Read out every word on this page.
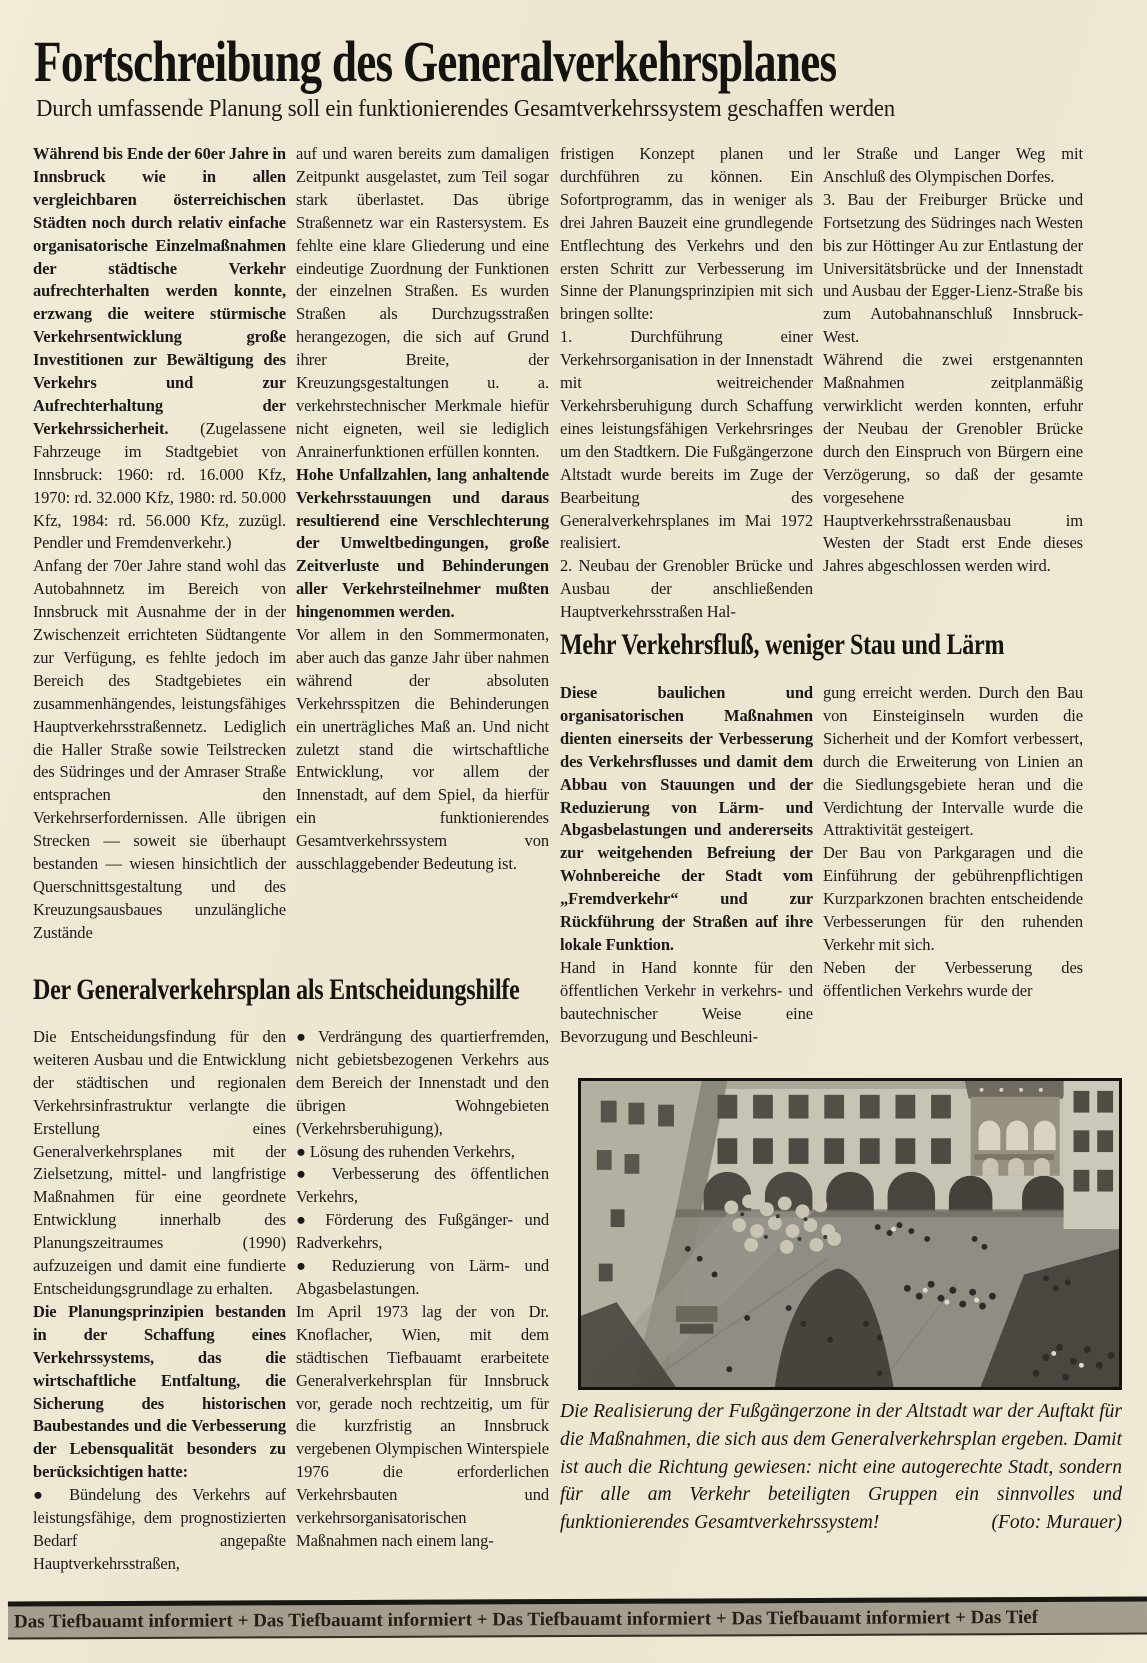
Fortschreibung des Generalverkehrsplanes
Durch umfassende Planung soll ein funktionierendes Gesamtverkehrssystem geschaffen werden

Während bis Ende der 60er Jahre in Innsbruck wie in allen vergleichbaren österreichischen Städten noch durch relativ einfache organisatorische Einzelmaßnahmen der städtische Verkehr aufrechterhalten werden konnte, erzwang die weitere stürmische Verkehrsentwicklung große Investitionen zur Bewältigung des Verkehrs und zur Aufrechterhaltung der Verkehrssicherheit. (Zugelassene Fahrzeuge im Stadtgebiet von Innsbruck: 1960: rd. 16.000 Kfz, 1970: rd. 32.000 Kfz, 1980: rd. 50.000 Kfz, 1984: rd. 56.000 Kfz, zuzügl. Pendler und Fremdenverkehr.)

Anfang der 70er Jahre stand wohl das Autobahnnetz im Bereich von Innsbruck mit Ausnahme der in der Zwischenzeit errichteten Südtangente zur Verfügung, es fehlte jedoch im Bereich des Stadtgebietes ein zusammenhängendes, leistungsfähiges Hauptverkehrsstraßennetz. Lediglich die Haller Straße sowie Teilstrecken des Südringes und der Amraser Straße entsprachen den Verkehrserfordernissen. Alle übrigen Strecken — soweit sie überhaupt bestanden — wiesen hinsichtlich der Querschnittsgestaltung und des Kreuzungsausbaues unzulängliche Zustände

auf und waren bereits zum damaligen Zeitpunkt ausgelastet, zum Teil sogar stark überlastet. Das übrige Straßennetz war ein Rastersystem. Es fehlte eine klare Gliederung und eine eindeutige Zuordnung der Funktionen der einzelnen Straßen. Es wurden Straßen als Durchzugsstraßen herangezogen, die sich auf Grund ihrer Breite, der Kreuzungsgestaltungen u. a. verkehrstechnischer Merkmale hiefür nicht eigneten, weil sie lediglich Anrainerfunktionen erfüllen konnten.

Hohe Unfallzahlen, lang anhaltende Verkehrsstauungen und daraus resultierend eine Verschlechterung der Umweltbedingungen, große Zeitverluste und Behinderungen aller Verkehrsteilnehmer mußten hingenommen werden.

Vor allem in den Sommermonaten, aber auch das ganze Jahr über nahmen während der absoluten Verkehrsspitzen die Behinderungen ein unerträgliches Maß an. Und nicht zuletzt stand die wirtschaftliche Entwicklung, vor allem der Innenstadt, auf dem Spiel, da hierfür ein funktionierendes Gesamtverkehrssystem von ausschlaggebender Bedeutung ist.

fristigen Konzept planen und durchführen zu können. Ein Sofortprogramm, das in weniger als drei Jahren Bauzeit eine grundlegende Entflechtung des Verkehrs und den ersten Schritt zur Verbesserung im Sinne der Planungsprinzipien mit sich bringen sollte:

1. Durchführung einer Verkehrsorganisation in der Innenstadt mit weitreichender Verkehrsberuhigung durch Schaffung eines leistungsfähigen Verkehrsringes um den Stadtkern. Die Fußgängerzone Altstadt wurde bereits im Zuge der Bearbeitung des Generalverkehrsplanes im Mai 1972 realisiert.

2. Neubau der Grenobler Brücke und Ausbau der anschließenden Hauptverkehrsstraßen Hal-

ler Straße und Langer Weg mit Anschluß des Olympischen Dorfes.

3. Bau der Freiburger Brücke und Fortsetzung des Südringes nach Westen bis zur Höttinger Au zur Entlastung der Universitätsbrücke und der Innenstadt und Ausbau der Egger-Lienz-Straße bis zum Autobahnanschluß Innsbruck-West.

Während die zwei erstgenannten Maßnahmen zeitplanmäßig verwirklicht werden konnten, erfuhr der Neubau der Grenobler Brücke durch den Einspruch von Bürgern eine Verzögerung, so daß der gesamte vorgesehene Hauptverkehrsstraßenausbau im Westen der Stadt erst Ende dieses Jahres abgeschlossen werden wird.

Mehr Verkehrsfluß, weniger Stau und Lärm

Diese baulichen und organisatorischen Maßnahmen dienten einerseits der Verbesserung des Verkehrsflusses und damit dem Abbau von Stauungen und der Reduzierung von Lärm- und Abgasbelastungen und andererseits zur weitgehenden Befreiung der Wohnbereiche der Stadt vom „Fremdverkehr“ und zur Rückführung der Straßen auf ihre lokale Funktion.

Hand in Hand konnte für den öffentlichen Verkehr in verkehrs- und bautechnischer Weise eine Bevorzugung und Beschleuni-

gung erreicht werden. Durch den Bau von Einsteiginseln wurden die Sicherheit und der Komfort verbessert, durch die Erweiterung von Linien an die Siedlungsgebiete heran und die Verdichtung der Intervalle wurde die Attraktivität gesteigert.

Der Bau von Parkgaragen und die Einführung der gebührenpflichtigen Kurzparkzonen brachten entscheidende Verbesserungen für den ruhenden Verkehr mit sich.

Neben der Verbesserung des öffentlichen Verkehrs wurde der

Der Generalverkehrsplan als Entscheidungshilfe

Die Entscheidungsfindung für den weiteren Ausbau und die Entwicklung der städtischen und regionalen Verkehrsinfrastruktur verlangte die Erstellung eines Generalverkehrsplanes mit der Zielsetzung, mittel- und langfristige Maßnahmen für eine geordnete Entwicklung innerhalb des Planungszeitraumes (1990) aufzuzeigen und damit eine fundierte Entscheidungsgrundlage zu erhalten.

Die Planungsprinzipien bestanden in der Schaffung eines Verkehrssystems, das die wirtschaftliche Entfaltung, die Sicherung des historischen Baubestandes und die Verbesserung der Lebensqualität besonders zu berücksichtigen hatte:

● Bündelung des Verkehrs auf leistungsfähige, dem prognostizierten Bedarf angepaßte Hauptverkehrsstraßen,

● Verdrängung des quartierfremden, nicht gebietsbezogenen Verkehrs aus dem Bereich der Innenstadt und den übrigen Wohngebieten (Verkehrsberuhigung),

● Lösung des ruhenden Verkehrs,

● Verbesserung des öffentlichen Verkehrs,

● Förderung des Fußgänger- und Radverkehrs,

● Reduzierung von Lärm- und Abgasbelastungen.

Im April 1973 lag der von Dr. Knoflacher, Wien, mit dem städtischen Tiefbauamt erarbeitete Generalverkehrsplan für Innsbruck vor, gerade noch rechtzeitig, um für die kurzfristig an Innsbruck vergebenen Olympischen Winterspiele 1976 die erforderlichen Verkehrsbauten und verkehrsorganisatorischen Maßnahmen nach einem lang-

Die Realisierung der Fußgängerzone in der Altstadt war der Auftakt für die Maßnahmen, die sich aus dem Generalverkehrsplan ergeben. Damit ist auch die Richtung gewiesen: nicht eine autogerechte Stadt, sondern für alle am Verkehr beteiligten Gruppen ein sinnvolles und funktionierendes Gesamtverkehrssystem!	(Foto: Murauer)

Das Tiefbauamt informiert + Das Tiefbauamt informiert + Das Tiefbauamt informiert + Das Tiefbauamt informiert + Das Tief
